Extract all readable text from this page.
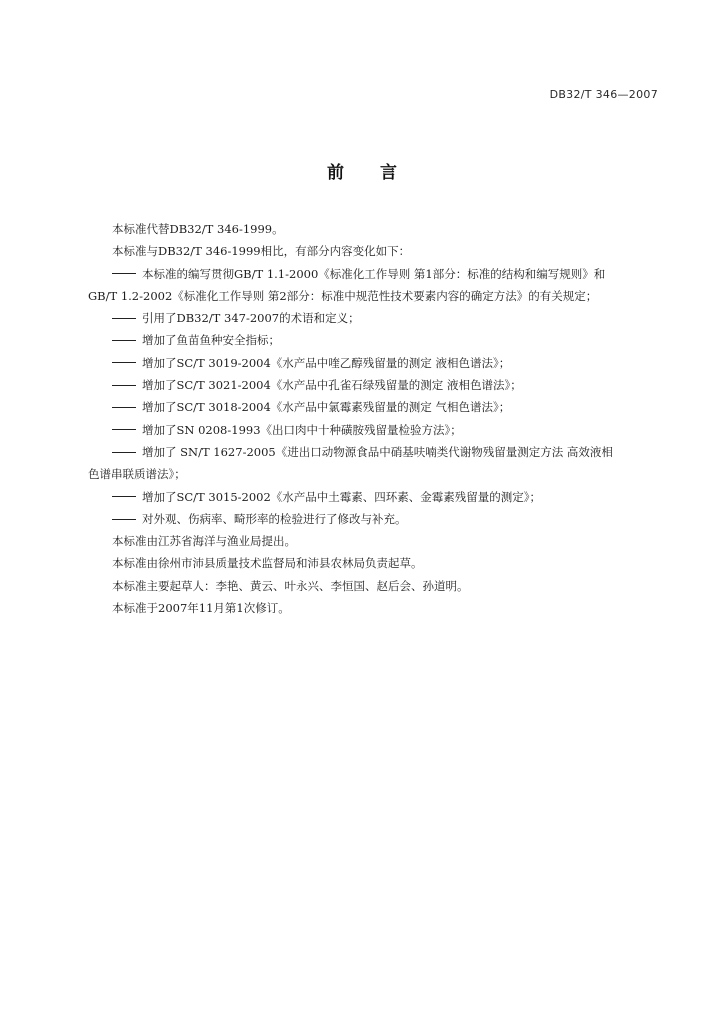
DB32/T 346—2007
前言
本标准代替DB32/T 346-1999。
本标准与DB32/T 346-1999相比，有部分内容变化如下：
本标准的编写贯彻GB/T 1.1-2000《标准化工作导则 第1部分：标准的结构和编写规则》和
GB/T 1.2-2002《标准化工作导则 第2部分：标准中规范性技术要素内容的确定方法》的有关规定；
引用了DB32/T 347-2007的术语和定义；
增加了鱼苗鱼种安全指标；
增加了SC/T 3019-2004《水产品中喹乙醇残留量的测定 液相色谱法》；
增加了SC/T 3021-2004《水产品中孔雀石绿残留量的测定 液相色谱法》；
增加了SC/T 3018-2004《水产品中氯霉素残留量的测定 气相色谱法》；
增加了SN 0208-1993《出口肉中十种磺胺残留量检验方法》；
增加了 SN/T 1627-2005《进出口动物源食品中硝基呋喃类代谢物残留量测定方法 高效液相
色谱串联质谱法》；
增加了SC/T 3015-2002《水产品中土霉素、四环素、金霉素残留量的测定》；
对外观、伤病率、畸形率的检验进行了修改与补充。
本标准由江苏省海洋与渔业局提出。
本标准由徐州市沛县质量技术监督局和沛县农林局负责起草。
本标准主要起草人：李艳、黄云、叶永兴、李恒国、赵后会、孙道明。
本标准于2007年11月第1次修订。
